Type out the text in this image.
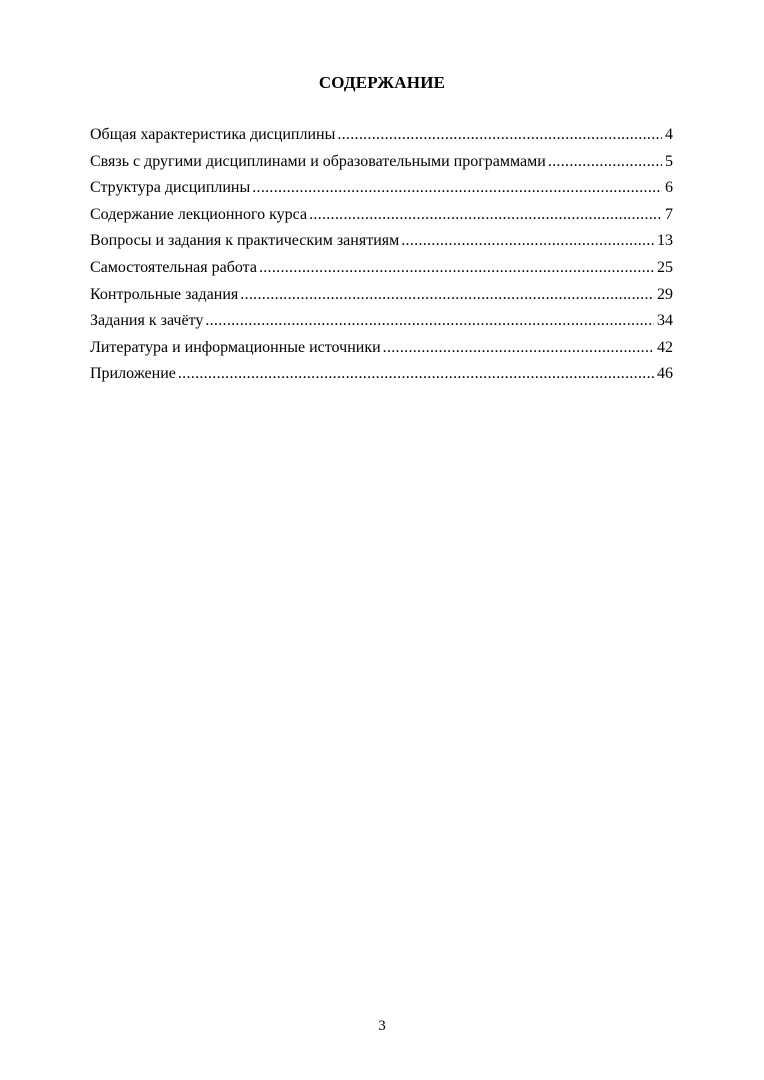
СОДЕРЖАНИЕ
Общая характеристика дисциплины .....	4
Связь с другими дисциплинами и образовательными программами .....	5
Структура дисциплины .....	6
Содержание лекционного курса .....	7
Вопросы и задания к практическим занятиям .....	13
Самостоятельная работа .....	25
Контрольные задания .....	29
Задания к зачёту .....	34
Литература и информационные источники .....	42
Приложение .....	46
3
